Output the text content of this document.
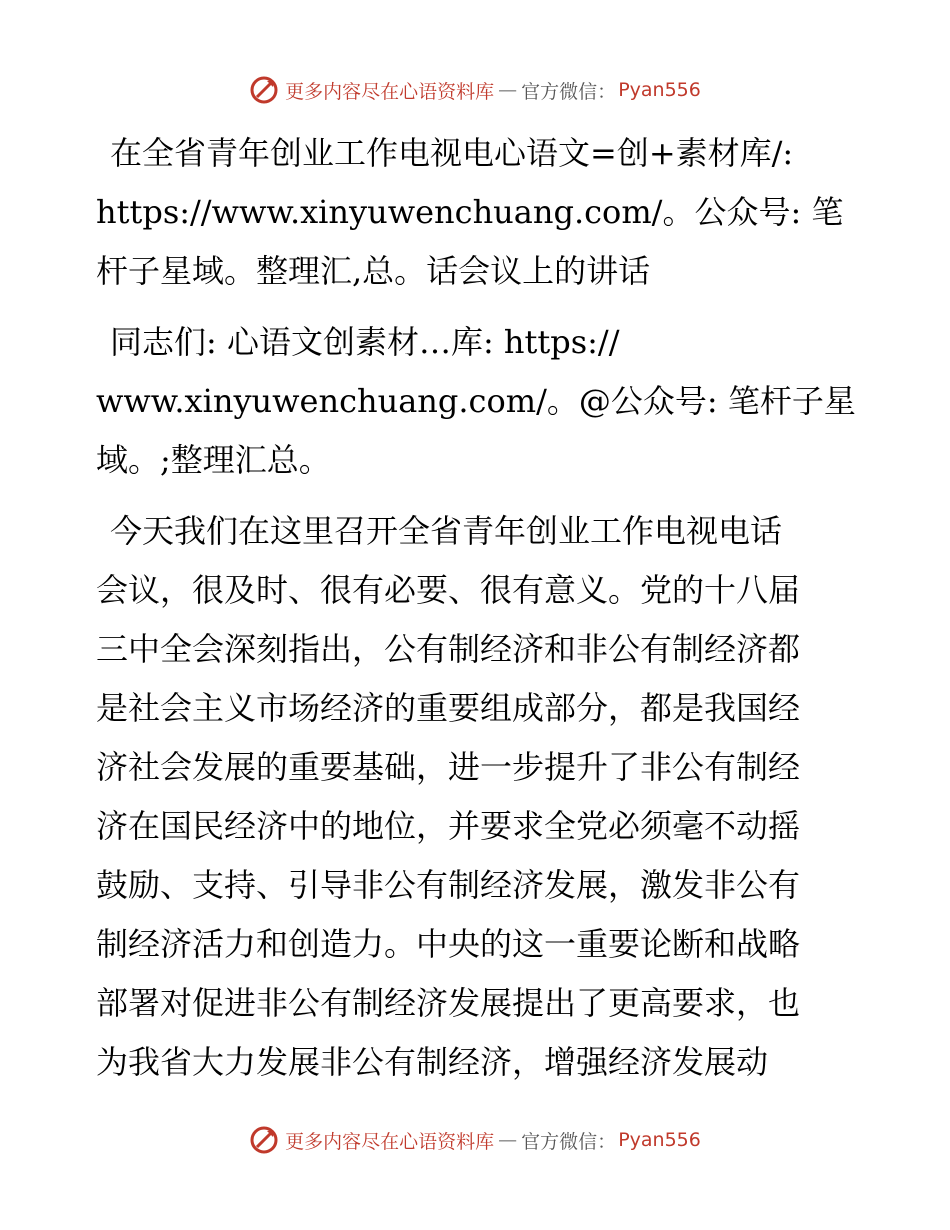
更多内容尽在心语资料库 — 官方微信： Pyan556
在全省青年创业工作电视电心语文=创+素材库/:
https://www.xinyuwenchuang.com/。公众号: 笔
杆子星域。整理汇,总。话会议上的讲话
同志们: 心语文创素材…库: https://
www.xinyuwenchuang.com/。@公众号: 笔杆子星
域。;整理汇总。
今天我们在这里召开全省青年创业工作电视电话
会议，很及时、很有必要、很有意义。党的十八届
三中全会深刻指出，公有制经济和非公有制经济都
是社会主义市场经济的重要组成部分，都是我国经
济社会发展的重要基础，进一步提升了非公有制经
济在国民经济中的地位，并要求全党必须毫不动摇
鼓励、支持、引导非公有制经济发展，激发非公有
制经济活力和创造力。中央的这一重要论断和战略
部署对促进非公有制经济发展提出了更高要求，也
为我省大力发展非公有制经济，增强经济发展动
更多内容尽在心语资料库 — 官方微信： Pyan556
